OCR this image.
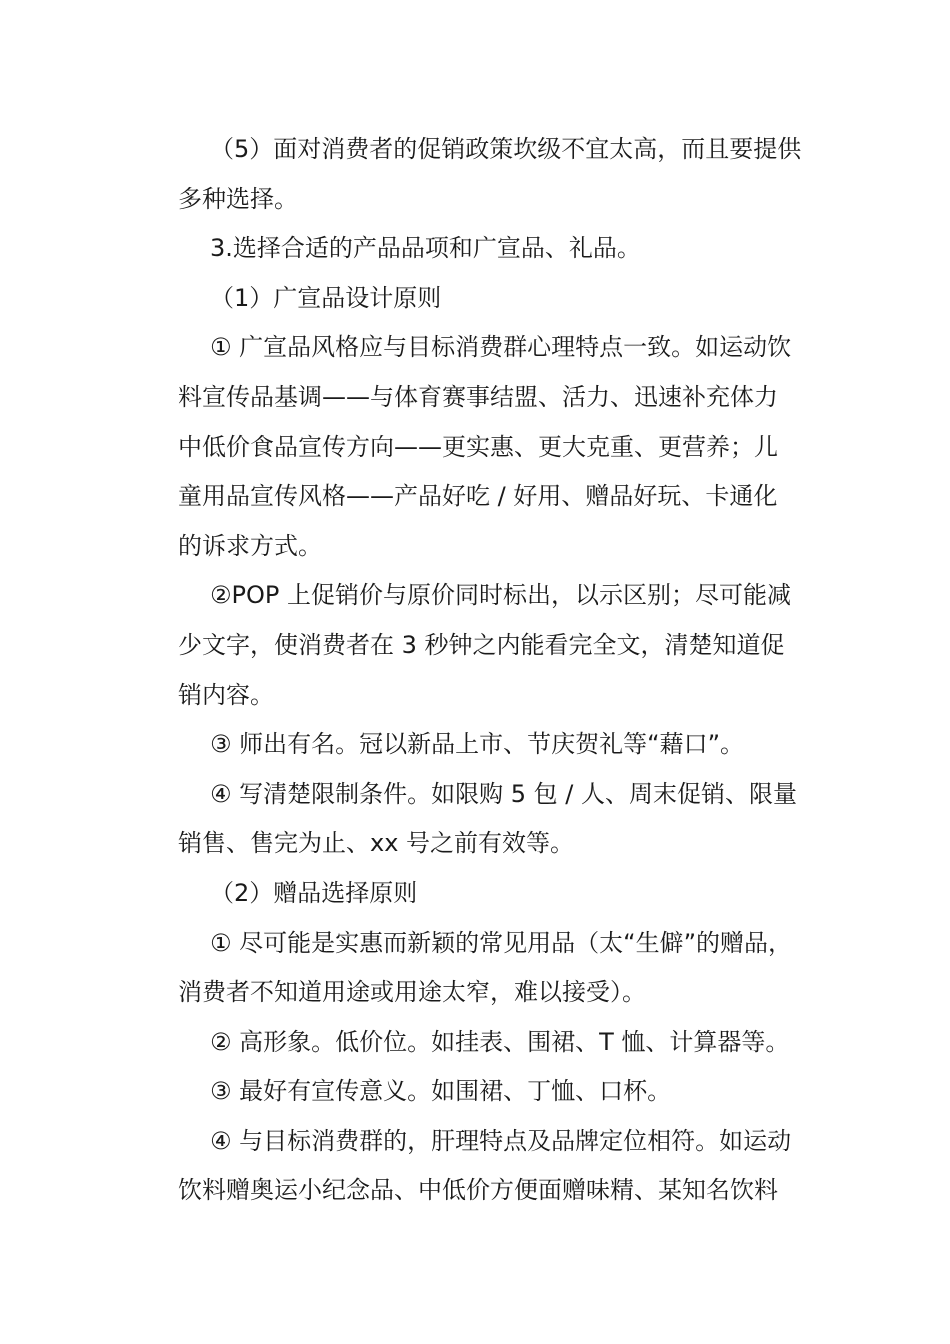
（5）面对消费者的促销政策坎级不宜太高，而且要提供
多种选择。
3.选择合适的产品品项和广宣品、礼品。
（1）广宣品设计原则
① 广宣品风格应与目标消费群心理特点一致。如运动饮
料宣传品基调——与体育赛事结盟、活力、迅速补充体力
中低价食品宣传方向——更实惠、更大克重、更营养；儿
童用品宣传风格——产品好吃 / 好用、赠品好玩、卡通化
的诉求方式。
②POP 上促销价与原价同时标出，以示区别；尽可能减
少文字，使消费者在 3 秒钟之内能看完全文，清楚知道促
销内容。
③ 师出有名。冠以新品上市、节庆贺礼等“藉口”。
④ 写清楚限制条件。如限购 5 包 / 人、周末促销、限量
销售、售完为止、xx 号之前有效等。
（2）赠品选择原则
① 尽可能是实惠而新颖的常见用品（太“生僻”的赠品，
消费者不知道用途或用途太窄，难以接受）。
② 高形象。低价位。如挂表、围裙、T 恤、计算器等。
③ 最好有宣传意义。如围裙、丁恤、口杯。
④ 与目标消费群的，肝理特点及品牌定位相符。如运动
饮料赠奥运小纪念品、中低价方便面赠味精、某知名饮料
